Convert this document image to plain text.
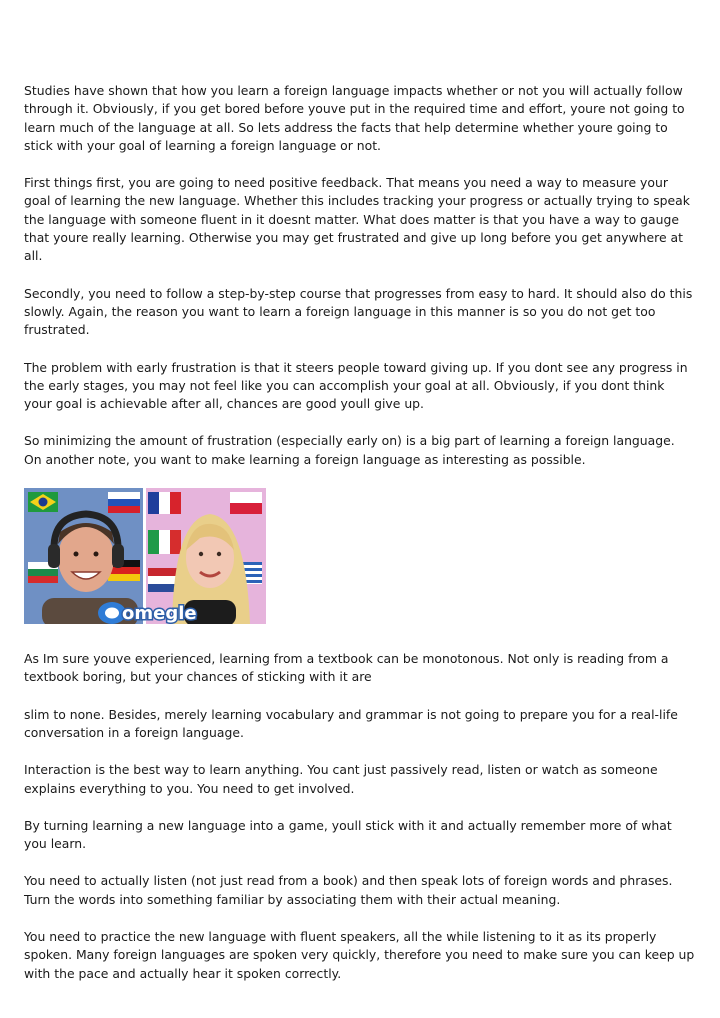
Studies have shown that how you learn a foreign language impacts whether or not you will actually follow through it. Obviously, if you get bored before youve put in the required time and effort, youre not going to learn much of the language at all. So lets address the facts that help determine whether youre going to stick with your goal of learning a foreign language or not.

First things first, you are going to need positive feedback. That means you need a way to measure your goal of learning the new language. Whether this includes tracking your progress or actually trying to speak the language with someone fluent in it doesnt matter. What does matter is that you have a way to gauge that youre really learning. Otherwise you may get frustrated and give up long before you get anywhere at all.

Secondly, you need to follow a step-by-step course that progresses from easy to hard. It should also do this slowly. Again, the reason you want to learn a foreign language in this manner is so you do not get too frustrated.

The problem with early frustration is that it steers people toward giving up. If you dont see any progress in the early stages, you may not feel like you can accomplish your goal at all. Obviously, if you dont think your goal is achievable after all, chances are good youll give up.

So minimizing the amount of frustration (especially early on) is a big part of learning a foreign language. On another note, you want to make learning a foreign language as interesting as possible.

omegle

As Im sure youve experienced, learning from a textbook can be monotonous. Not only is reading from a textbook boring, but your chances of sticking with it are

slim to none. Besides, merely learning vocabulary and grammar is not going to prepare you for a real-life conversation in a foreign language.

Interaction is the best way to learn anything. You cant just passively read, listen or watch as someone explains everything to you. You need to get involved.

By turning learning a new language into a game, youll stick with it and actually remember more of what you learn.

You need to actually listen (not just read from a book) and then speak lots of foreign words and phrases. Turn the words into something familiar by associating them with their actual meaning.

You need to practice the new language with fluent speakers, all the while listening to it as its properly spoken. Many foreign languages are spoken very quickly, therefore you need to make sure you can keep up with the pace and actually hear it spoken correctly.
